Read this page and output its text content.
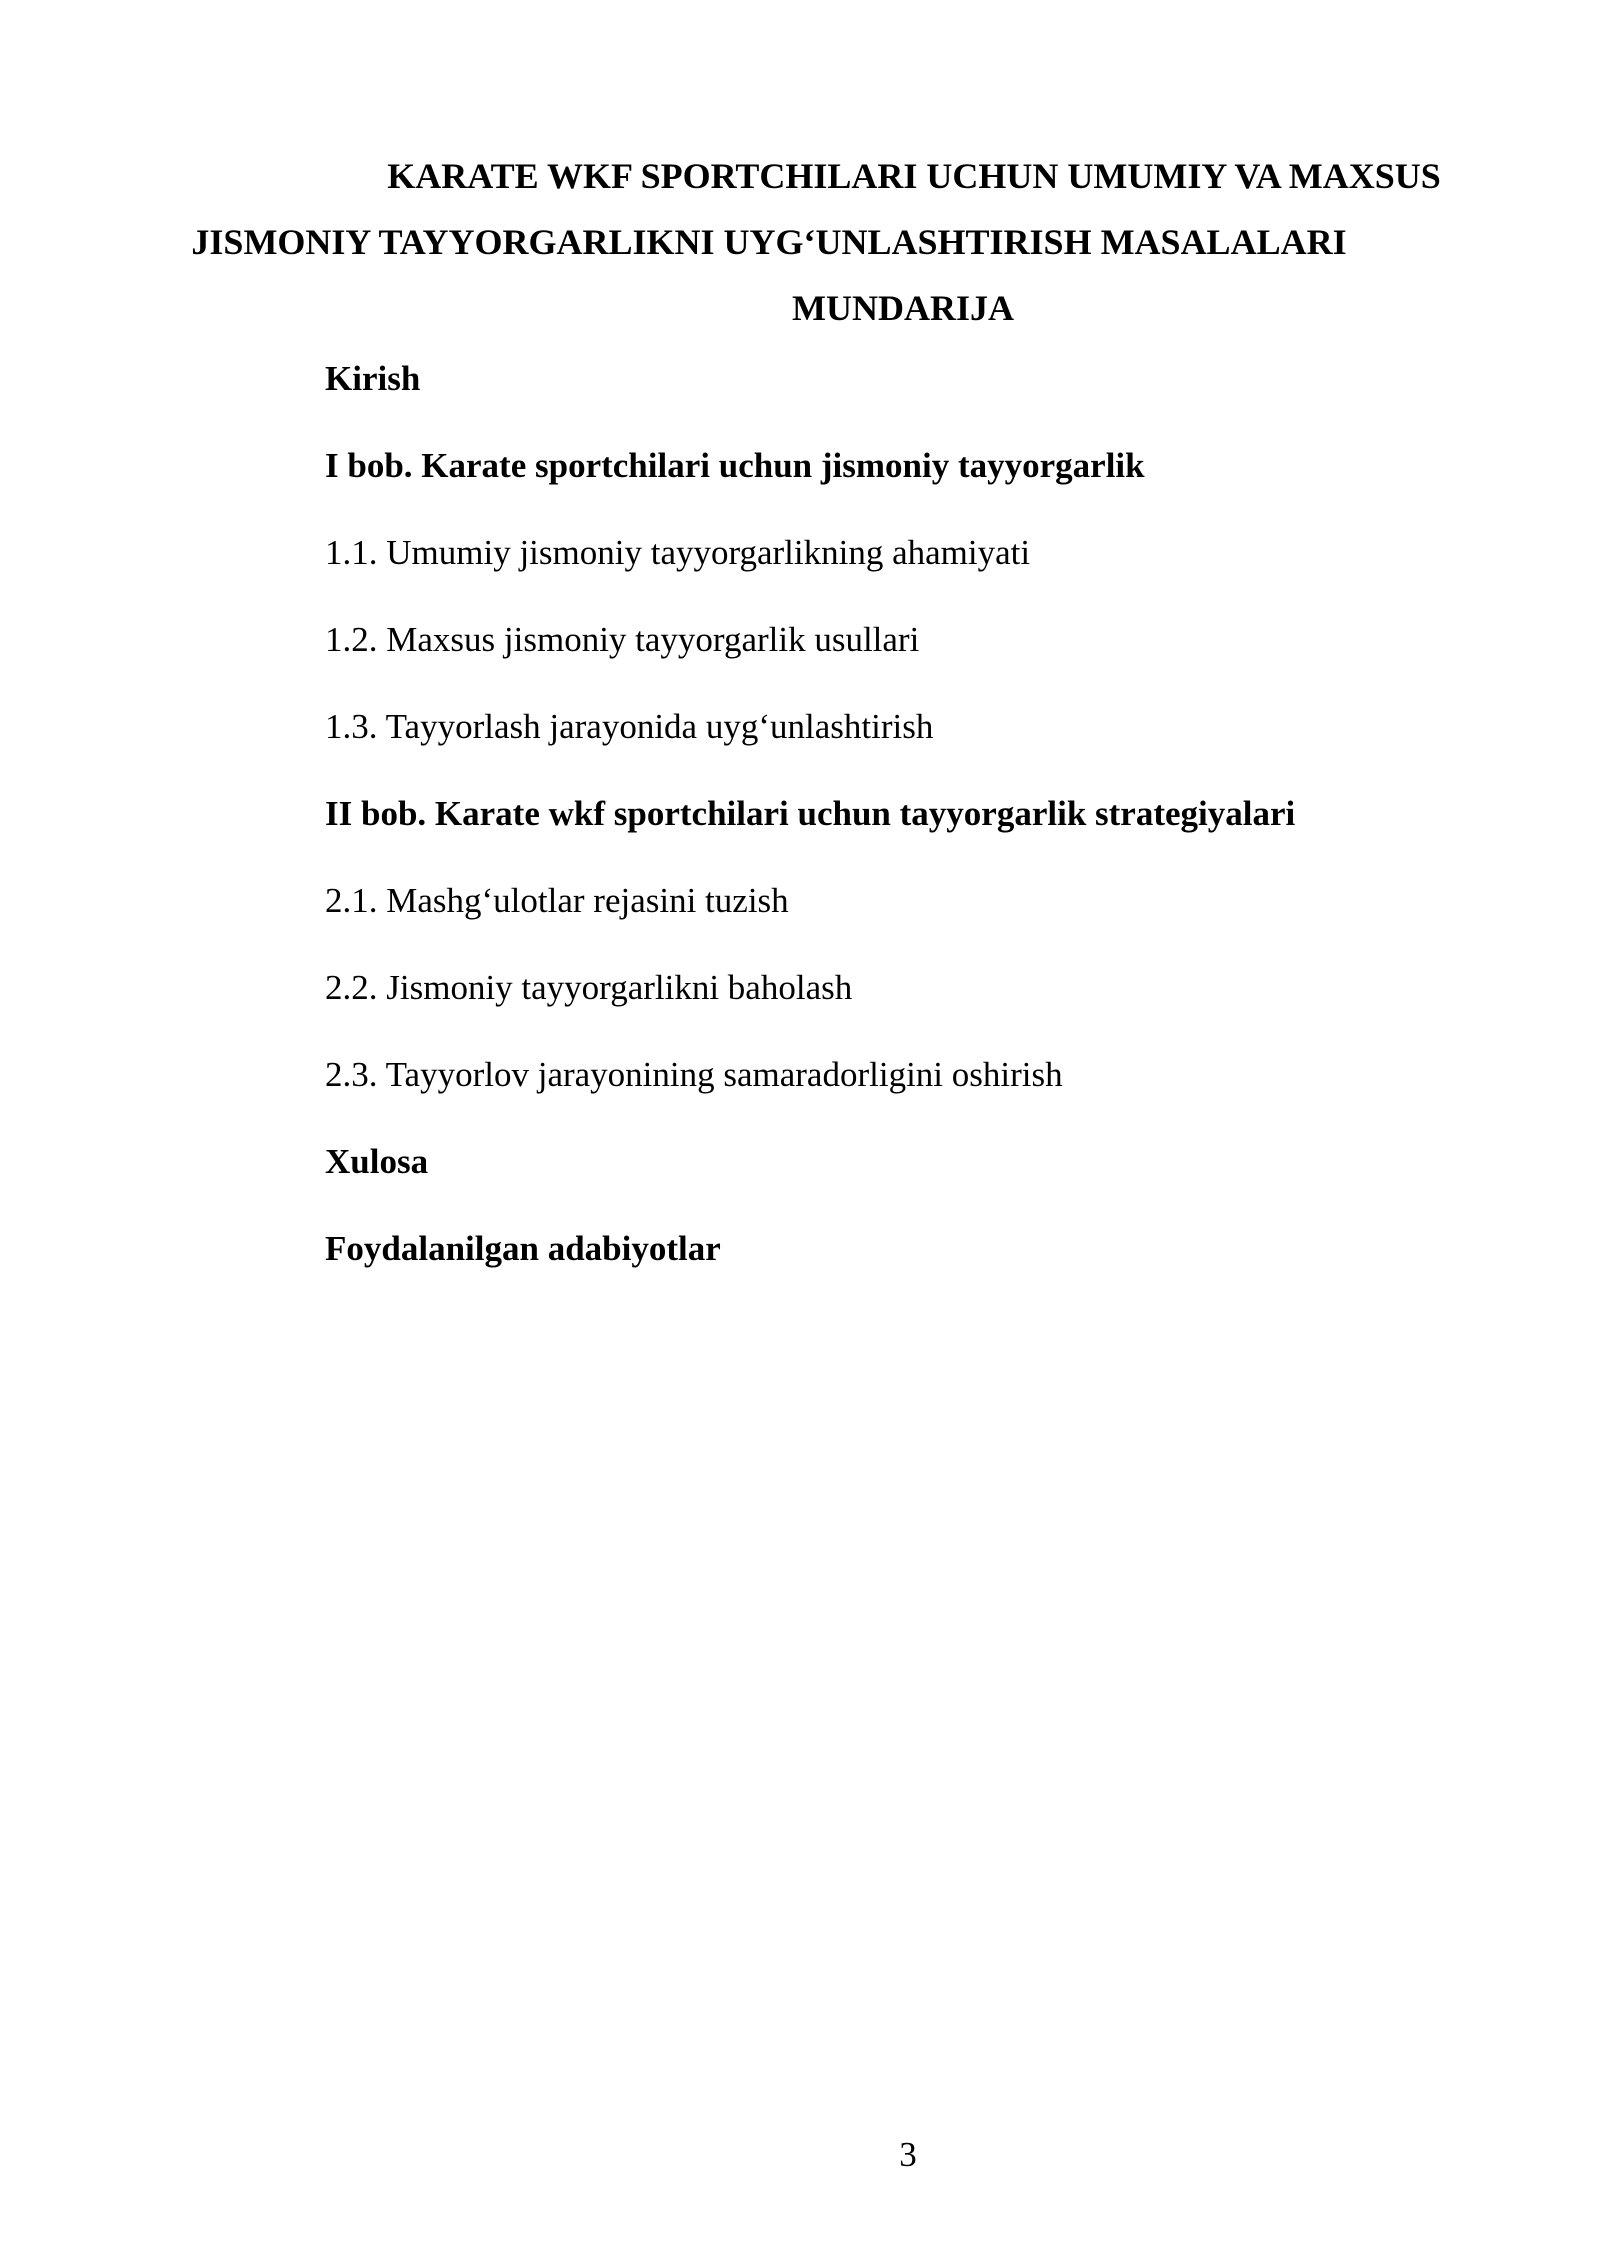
KARATE WKF SPORTCHILARI UCHUN UMUMIY VA MAXSUS
JISMONIY TAYYORGARLIKNI UYG‘UNLASHTIRISH MASALALARI
MUNDARIJA
Kirish
I bob. Karate sportchilari uchun jismoniy tayyorgarlik
1.1. Umumiy jismoniy tayyorgarlikning ahamiyati
1.2. Maxsus jismoniy tayyorgarlik usullari
1.3. Tayyorlash jarayonida uyg‘unlashtirish
II bob. Karate wkf sportchilari uchun tayyorgarlik strategiyalari
2.1. Mashg‘ulotlar rejasini tuzish
2.2. Jismoniy tayyorgarlikni baholash
2.3. Tayyorlov jarayonining samaradorligini oshirish
Xulosa
Foydalanilgan adabiyotlar
3
